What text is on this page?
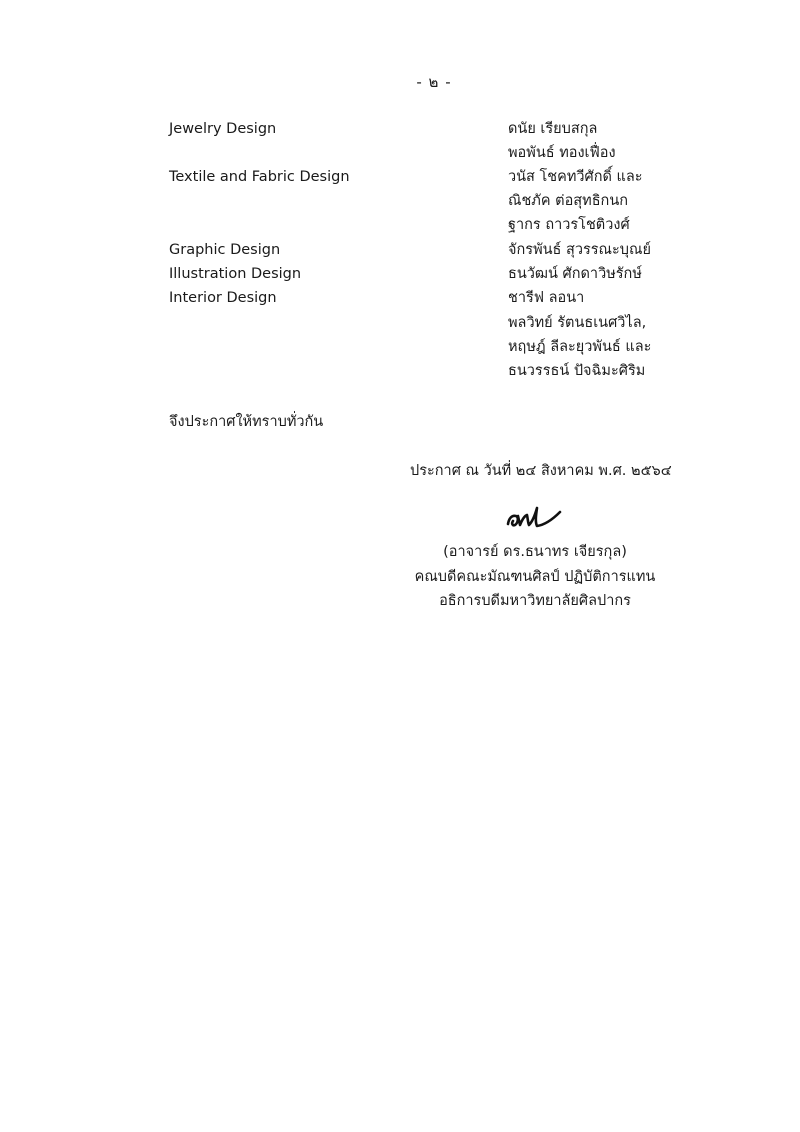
- ๒ -
Jewelry Design	ดนัย เรียบสกุล
พอพันธ์ ทองเฟื่อง
Textile and Fabric Design	วนัส โชคทวีศักดิ์ และ
ณิชภัค ต่อสุทธิกนก
ฐากร ถาวรโชติวงศ์
Graphic Design	จักรพันธ์ สุวรรณะบุณย์
Illustration Design	ธนวัฒน์ ศักดาวิษรักษ์
Interior Design	ชารีฟ ลอนา
พลวิทย์ รัตนธเนศวิไล,
หฤษฎ์ ลีละยุวพันธ์ และ
ธนวรรธน์ ปัจฉิมะศิริม
จึงประกาศให้ทราบทั่วกัน
ประกาศ ณ วันที่ ๒๔ สิงหาคม พ.ศ. ๒๕๖๔
(อาจารย์ ดร.ธนาทร เจียรกุล)
คณบดีคณะมัณฑนศิลป์ ปฏิบัติการแทน
อธิการบดีมหาวิทยาลัยศิลปากร
